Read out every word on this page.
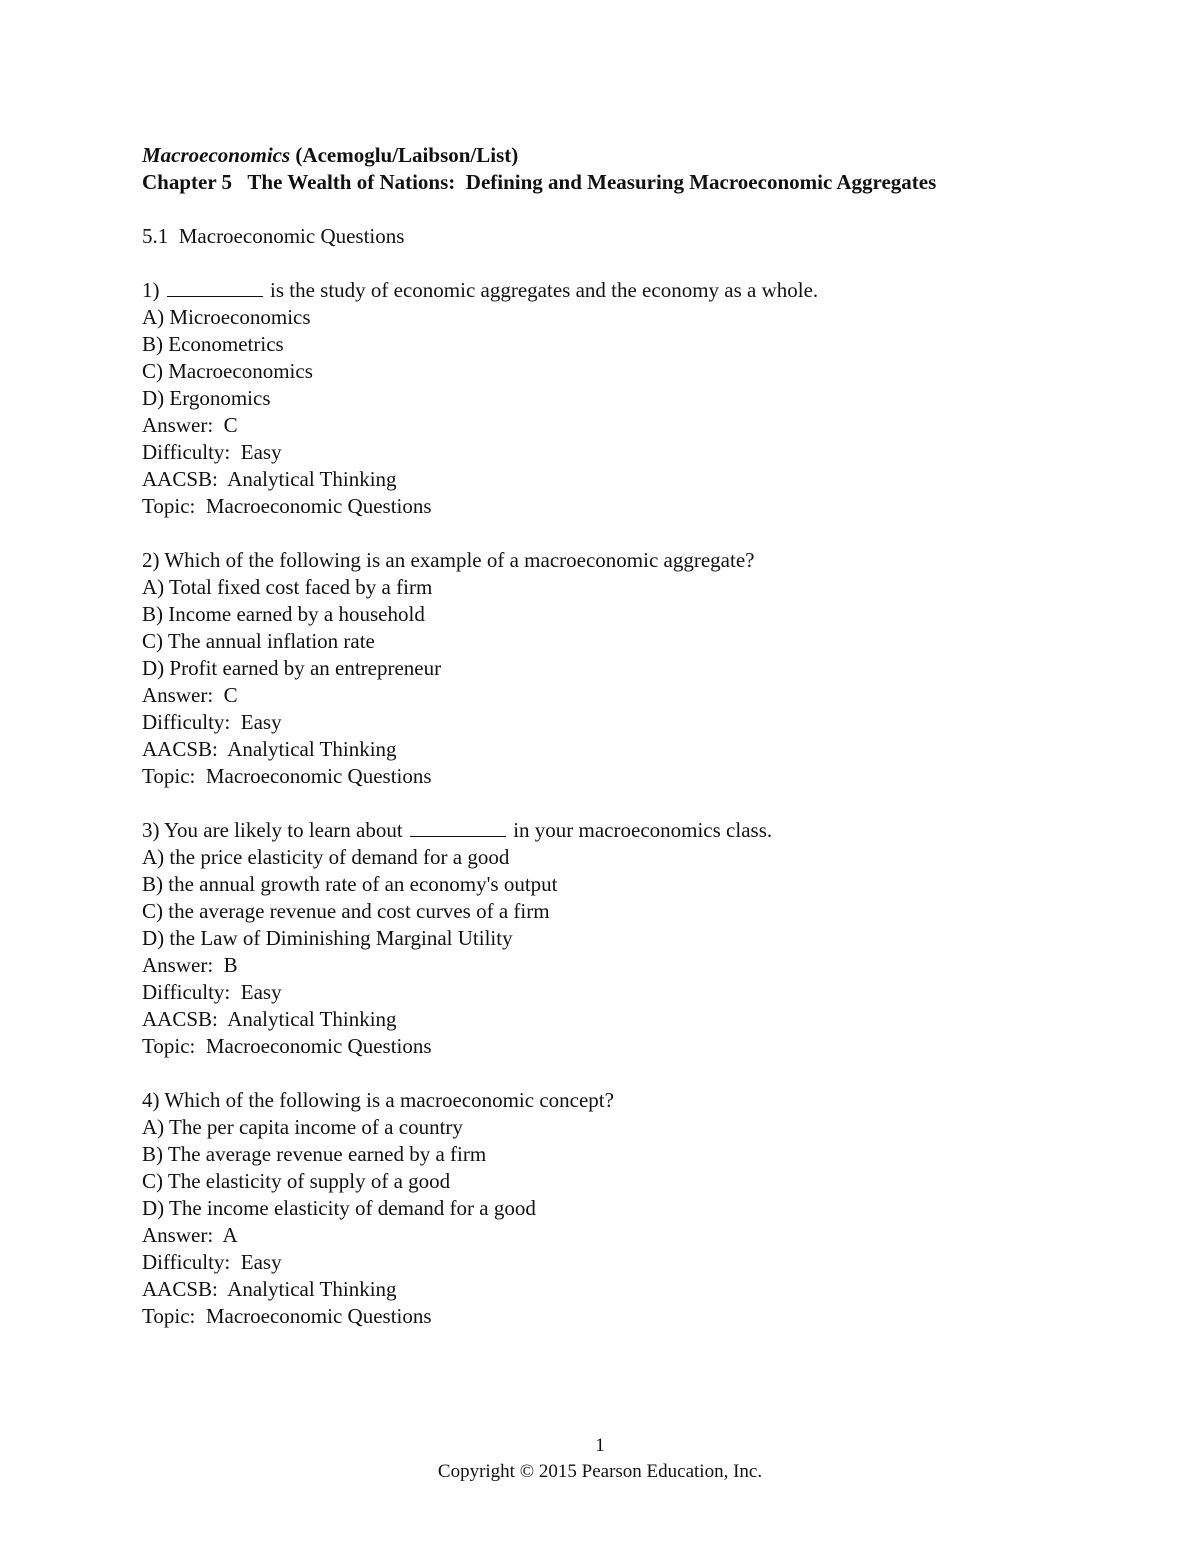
Macroeconomics (Acemoglu/Laibson/List)
Chapter 5   The Wealth of Nations:  Defining and Measuring Macroeconomic Aggregates
5.1  Macroeconomic Questions
1)	is the study of economic aggregates and the economy as a whole.
A) Microeconomics
B) Econometrics
C) Macroeconomics
D) Ergonomics
Answer:  C
Difficulty:  Easy
AACSB:  Analytical Thinking
Topic:  Macroeconomic Questions
2) Which of the following is an example of a macroeconomic aggregate?
A) Total fixed cost faced by a firm
B) Income earned by a household
C) The annual inflation rate
D) Profit earned by an entrepreneur
Answer:  C
Difficulty:  Easy
AACSB:  Analytical Thinking
Topic:  Macroeconomic Questions
3) You are likely to learn about	in your macroeconomics class.
A) the price elasticity of demand for a good
B) the annual growth rate of an economy's output
C) the average revenue and cost curves of a firm
D) the Law of Diminishing Marginal Utility
Answer:  B
Difficulty:  Easy
AACSB:  Analytical Thinking
Topic:  Macroeconomic Questions
4) Which of the following is a macroeconomic concept?
A) The per capita income of a country
B) The average revenue earned by a firm
C) The elasticity of supply of a good
D) The income elasticity of demand for a good
Answer:  A
Difficulty:  Easy
AACSB:  Analytical Thinking
Topic:  Macroeconomic Questions
1
Copyright © 2015 Pearson Education, Inc.
